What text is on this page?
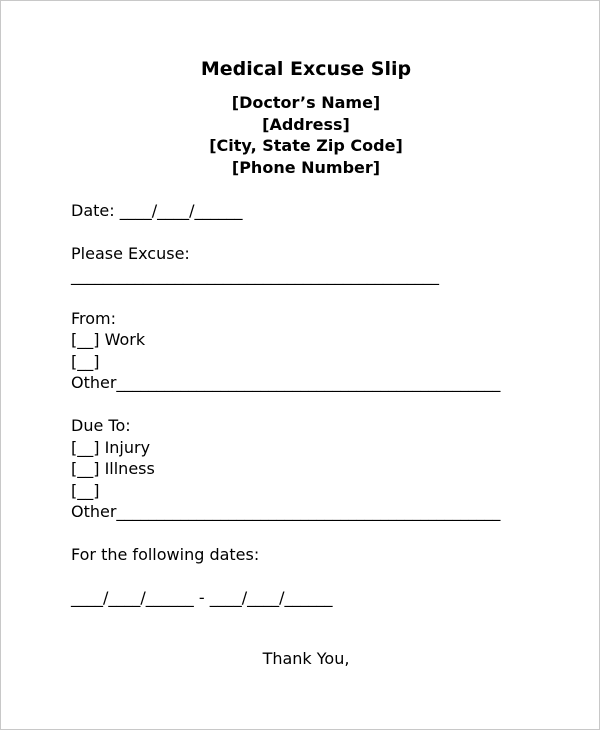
Medical Excuse Slip
[Doctor’s Name]
[Address]
[City, State Zip Code]
[Phone Number]
Date: ____/____/______
Please Excuse:
______________________________________________
From:
[__] Work
[__]
Other________________________________________________
Due To:
[__] Injury
[__] Illness
[__]
Other________________________________________________
For the following dates:
____/____/______ - ____/____/______
Thank You,
